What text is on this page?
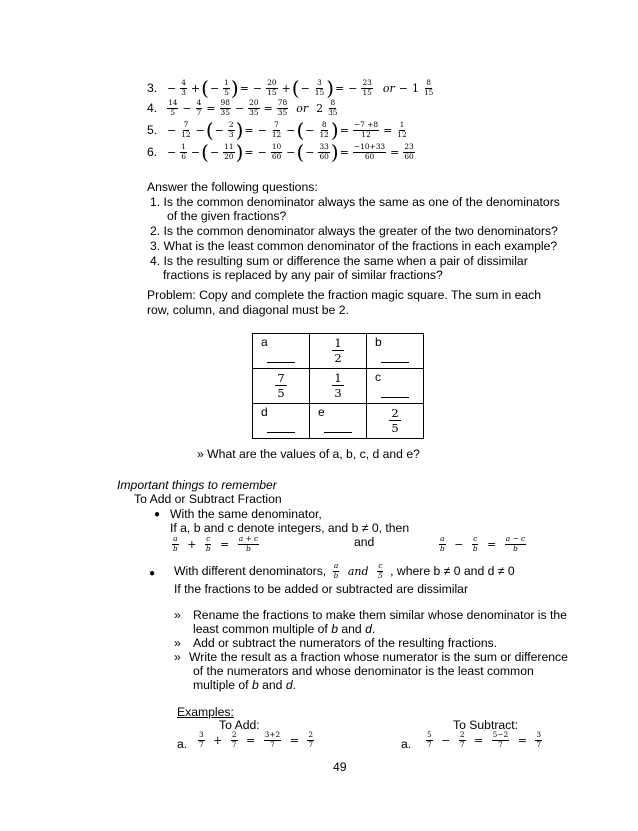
3. − $\frac{4}{3}$ + ( − $\frac{1}{5}$ ) = − $\frac{20}{15}$ + ( − $\frac{3}{15}$ ) = − $\frac{23}{15}$ or − $1 \frac{8}{15}$
4.	$\frac{14}{5} - \frac{4}{7} = \frac{98}{35} - \frac{20}{35} = \frac{78}{35}$ or $2 \frac{8}{35}$
5. − $\frac{7}{12}$ − ( − $\frac{2}{3}$ ) = − $\frac{7}{12}$ − ( − $\frac{8}{12}$ ) = $\frac{-7 +8}{12} = \frac{1}{12}$
6. − $\frac{1}{6}$ − ( − $\frac{11}{20}$ ) = − $\frac{10}{60}$ − ( − $\frac{33}{60}$ ) = $\frac{-10+33}{60} = \frac{23}{60}$
Answer the following questions:
1. Is the common denominator always the same as one of the denominators
of the given fractions?
2. Is the common denominator always the greater of the two denominators?
3. What is the least common denominator of the fractions in each example?
4. Is the resulting sum or difference the same when a pair of dissimilar
fractions is replaced by any pair of similar fractions?
Problem: Copy and complete the fraction magic square. The sum in each
row, column, and diagonal must be 2.
a	$\frac{1}{2}$	b

$\frac{7}{5}$	$\frac{1}{3}$	c

d	e	$\frac{2}{5}$
» What are the values of a, b, c, d and e?
Important things to remember
To Add or Subtract Fraction
● With the same denominator,
If a, b and c denote integers, and b ≠ 0, then
$\frac{a}{b} + \frac{c}{b} = \frac{a + c}{b}$	and	$\frac{a}{b} - \frac{c}{b} = \frac{a - c}{b}$
● With different denominators, $\frac{a}{b}$ and $\frac{c}{5}$ , where b ≠ 0 and d ≠ 0
If the fractions to be added or subtracted are dissimilar
» Rename the fractions to make them similar whose denominator is the
least common multiple of b and d.
» Add or subtract the numerators of the resulting fractions.
» Write the result as a fraction whose numerator is the sum or difference
of the numerators and whose denominator is the least common
multiple of b and d.
Examples:
To Add:	To Subtract:
a. $\frac{3}{7} + \frac{2}{7} = \frac{3+2}{7} = \frac{2}{7}$	a. $\frac{5}{7} - \frac{2}{7} = \frac{5-2}{7} = \frac{3}{7}$
49
